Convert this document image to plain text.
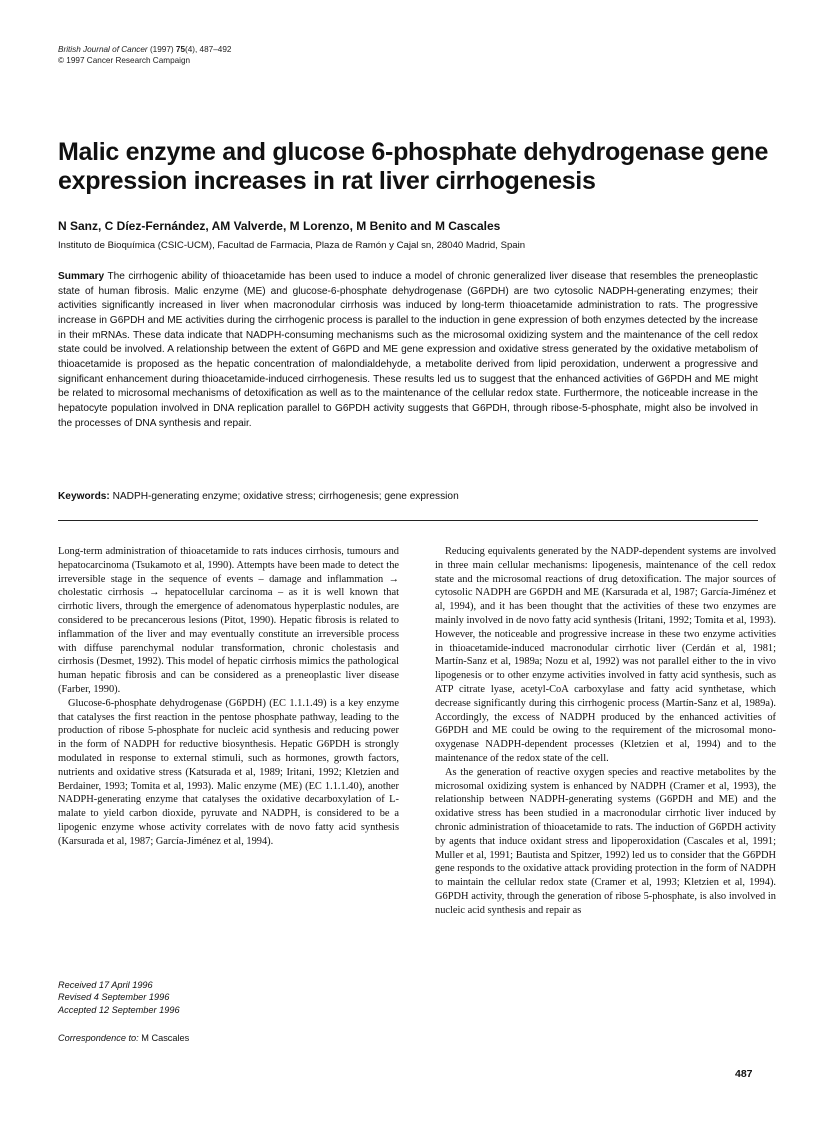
British Journal of Cancer (1997) 75(4), 487–492
© 1997 Cancer Research Campaign
Malic enzyme and glucose 6-phosphate dehydrogenase gene expression increases in rat liver cirrhogenesis
N Sanz, C Díez-Fernández, AM Valverde, M Lorenzo, M Benito and M Cascales
Instituto de Bioquímica (CSIC-UCM), Facultad de Farmacia, Plaza de Ramón y Cajal sn, 28040 Madrid, Spain

Summary The cirrhogenic ability of thioacetamide has been used to induce a model of chronic generalized liver disease that resembles the preneoplastic state of human fibrosis. Malic enzyme (ME) and glucose-6-phosphate dehydrogenase (G6PDH) are two cytosolic NADPH-generating enzymes; their activities significantly increased in liver when macronodular cirrhosis was induced by long-term thioacetamide administration to rats. The progressive increase in G6PDH and ME activities during the cirrhogenic process is parallel to the induction in gene expression of both enzymes detected by the increase in their mRNAs. These data indicate that NADPH-consuming mechanisms such as the microsomal oxidizing system and the maintenance of the cell redox state could be involved. A relationship between the extent of G6PD and ME gene expression and oxidative stress generated by the oxidative metabolism of thioacetamide is proposed as the hepatic concentration of malondialdehyde, a metabolite derived from lipid peroxidation, underwent a progressive and significant enhancement during thioacetamide-induced cirrhogenesis. These results led us to suggest that the enhanced activities of G6PDH and ME might be related to microsomal mechanisms of detoxification as well as to the maintenance of the cellular redox state. Furthermore, the noticeable increase in the hepatocyte population involved in DNA replication parallel to G6PDH activity suggests that G6PDH, through ribose-5-phosphate, might also be involved in the processes of DNA synthesis and repair.

Keywords: NADPH-generating enzyme; oxidative stress; cirrhogenesis; gene expression

Long-term administration of thioacetamide to rats induces cirrhosis, tumours and hepatocarcinoma (Tsukamoto et al, 1990). Attempts have been made to detect the irreversible stage in the sequence of events – damage and inflammation → cholestatic cirrhosis → hepatocellular carcinoma – as it is well known that cirrhotic livers, through the emergence of adenomatous hyperplastic nodules, are considered to be precancerous lesions (Pitot, 1990). Hepatic fibrosis is related to inflammation of the liver and may eventually constitute an irreversible process with diffuse parenchymal nodular transformation, chronic cholestasis and cirrhosis (Desmet, 1992). This model of hepatic cirrhosis mimics the pathological human hepatic fibrosis and can be considered as a preneoplastic liver disease (Farber, 1990).

Glucose-6-phosphate dehydrogenase (G6PDH) (EC 1.1.1.49) is a key enzyme that catalyses the first reaction in the pentose phosphate pathway, leading to the production of ribose 5-phosphate for nucleic acid synthesis and reducing power in the form of NADPH for reductive biosynthesis. Hepatic G6PDH is strongly modulated in response to external stimuli, such as hormones, growth factors, nutrients and oxidative stress (Katsurada et al, 1989; Iritani, 1992; Kletzien and Berdainer, 1993; Tomita et al, 1993). Malic enzyme (ME) (EC 1.1.1.40), another NADPH-generating enzyme that catalyses the oxidative decarboxylation of L-malate to yield carbon dioxide, pyruvate and NADPH, is considered to be a lipogenic enzyme whose activity correlates with de novo fatty acid synthesis (Karsurada et al, 1987; García-Jiménez et al, 1994).

Reducing equivalents generated by the NADP-dependent systems are involved in three main cellular mechanisms: lipogenesis, maintenance of the cell redox state and the microsomal reactions of drug detoxification. The major sources of cytosolic NADPH are G6PDH and ME (Karsurada et al, 1987; García-Jiménez et al, 1994), and it has been thought that the activities of these two enzymes are mainly involved in de novo fatty acid synthesis (Iritani, 1992; Tomita et al, 1993). However, the noticeable and progressive increase in these two enzyme activities in thioacetamide-induced macronodular cirrhotic liver (Cerdán et al, 1981; Martín-Sanz et al, 1989a; Nozu et al, 1992) was not parallel either to the in vivo lipogenesis or to other enzyme activities involved in fatty acid synthesis, such as ATP citrate lyase, acetyl-CoA carboxylase and fatty acid synthetase, which decrease significantly during this cirrhogenic process (Martín-Sanz et al, 1989a). Accordingly, the excess of NADPH produced by the enhanced activities of G6PDH and ME could be owing to the requirement of the microsomal mono-oxygenase NADPH-dependent processes (Kletzien et al, 1994) and to the maintenance of the redox state of the cell.

As the generation of reactive oxygen species and reactive metabolites by the microsomal oxidizing system is enhanced by NADPH (Cramer et al, 1993), the relationship between NADPH-generating systems (G6PDH and ME) and the oxidative stress has been studied in a macronodular cirrhotic liver induced by chronic administration of thioacetamide to rats. The induction of G6PDH activity by agents that induce oxidant stress and lipoperoxidation (Cascales et al, 1991; Muller et al, 1991; Bautista and Spitzer, 1992) led us to consider that the G6PDH gene responds to the oxidative attack providing protection in the form of NADPH to maintain the cellular redox state (Cramer et al, 1993; Kletzien et al, 1994). G6PDH activity, through the generation of ribose 5-phosphate, is also involved in nucleic acid synthesis and repair as

Received 17 April 1996
Revised 4 September 1996
Accepted 12 September 1996
Correspondence to: M Cascales
487
